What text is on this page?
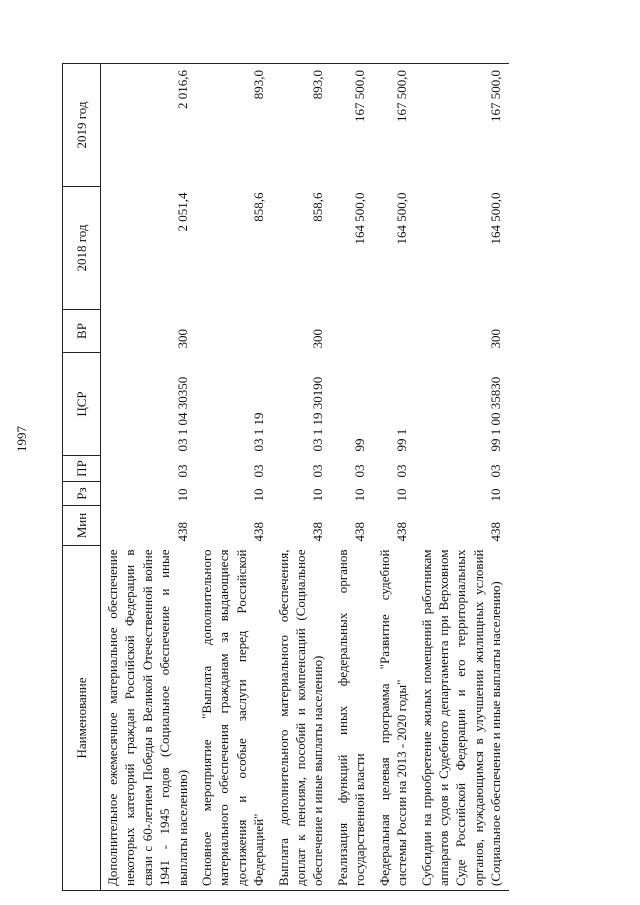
1997
Наименование	Мин	Рз	ПР	ЦСР	ВР	2018 год	2019 год
Дополнительное ежемесячное материальное обеспечение некоторых категорий граждан Российской Федерации в связи с 60-летием Победы в Великой Отечественной войне 1941 - 1945 годов (Социальное обеспечение и иные выплаты населению)	438	10	03	03 1 04 30350	300	2 051,4	2 016,6
Основное мероприятие "Выплата дополнительного материального обеспечения гражданам за выдающиеся достижения и особые заслуги перед Российской Федерацией"	438	10	03	03 1 19		858,6	893,0
Выплата дополнительного материального обеспечения, доплат к пенсиям, пособий и компенсаций (Социальное обеспечение и иные выплаты населению)	438	10	03	03 1 19 30190	300	858,6	893,0
Реализация функций иных федеральных органов государственной власти	438	10	03	99		164 500,0	167 500,0
Федеральная целевая программа "Развитие судебной системы России на 2013 - 2020 годы"	438	10	03	99 1		164 500,0	167 500,0
Субсидии на приобретение жилых помещений работникам аппаратов судов и Судебного департамента при Верховном Суде Российской Федерации и его территориальных органов, нуждающимся в улучшении жилищных условий (Социальное обеспечение и иные выплаты населению)	438	10	03	99 1 00 35830	300	164 500,0	167 500,0
